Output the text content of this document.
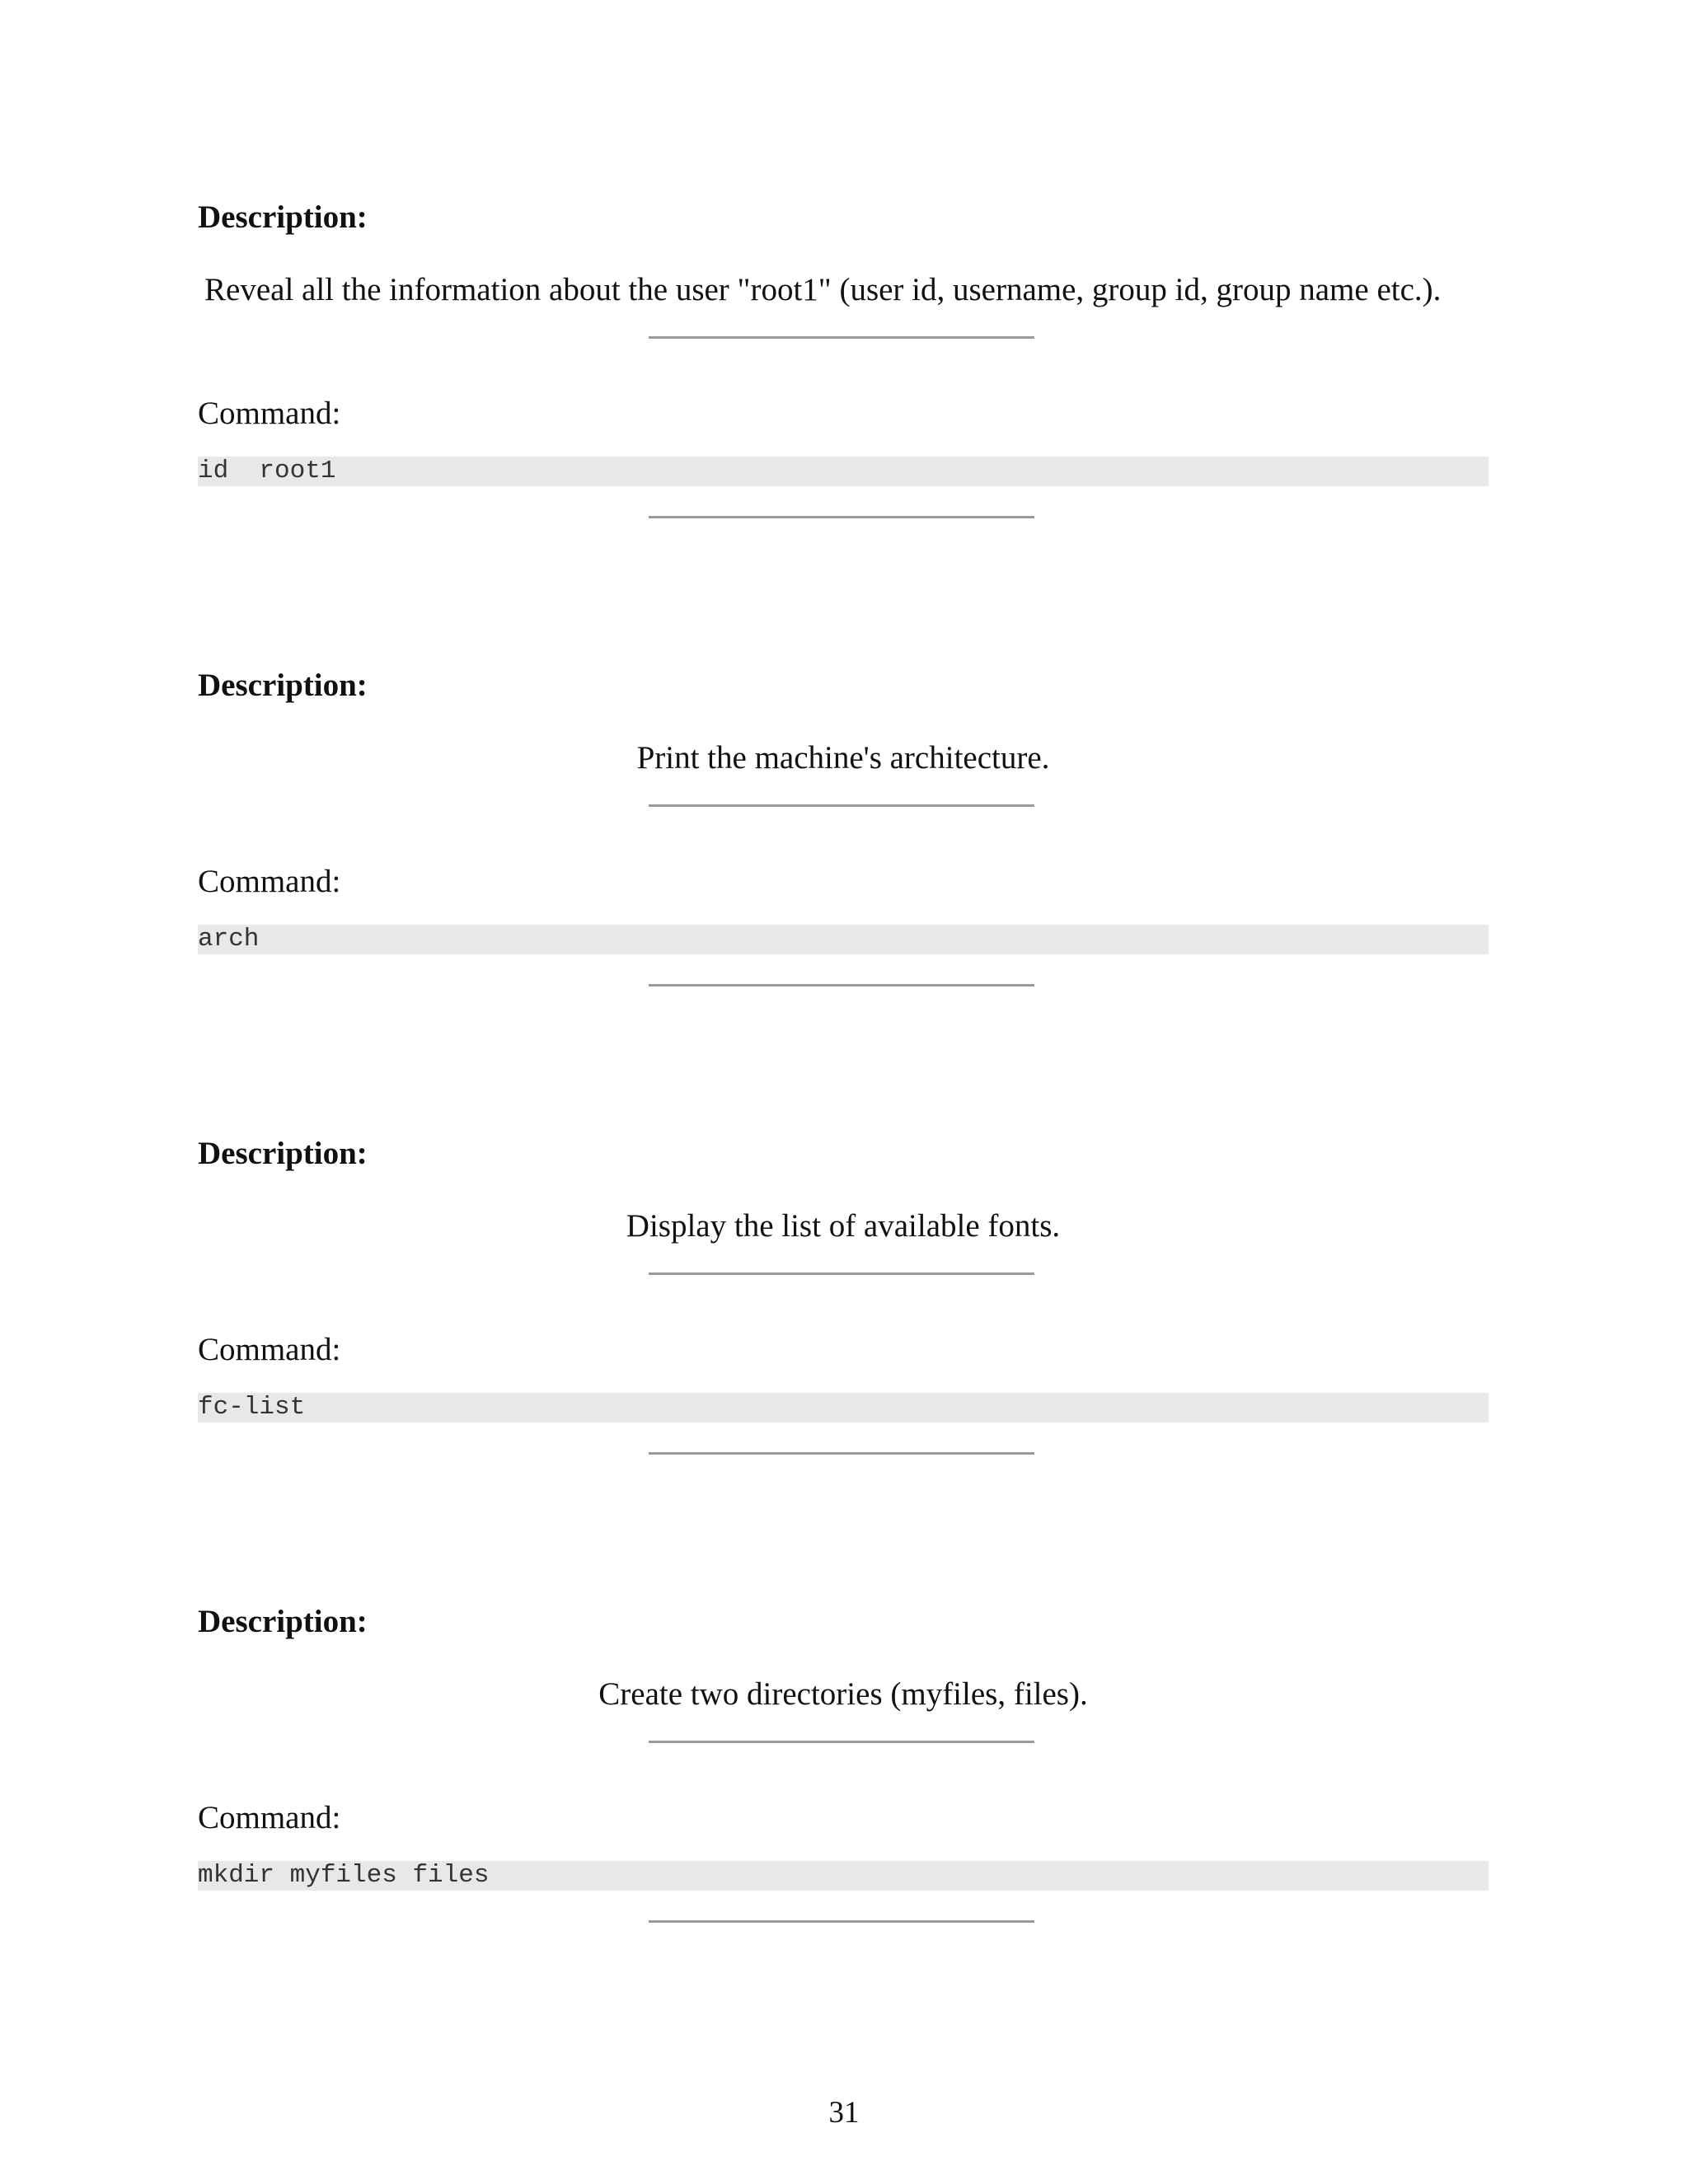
Description:
Reveal all the information about the user "root1" (user id, username, group id, group name etc.).
Command:
id  root1
Description:
Print the machine's architecture.
Command:
arch
Description:
Display the list of available fonts.
Command:
fc-list
Description:
Create two directories (myfiles, files).
Command:
mkdir myfiles files
31
